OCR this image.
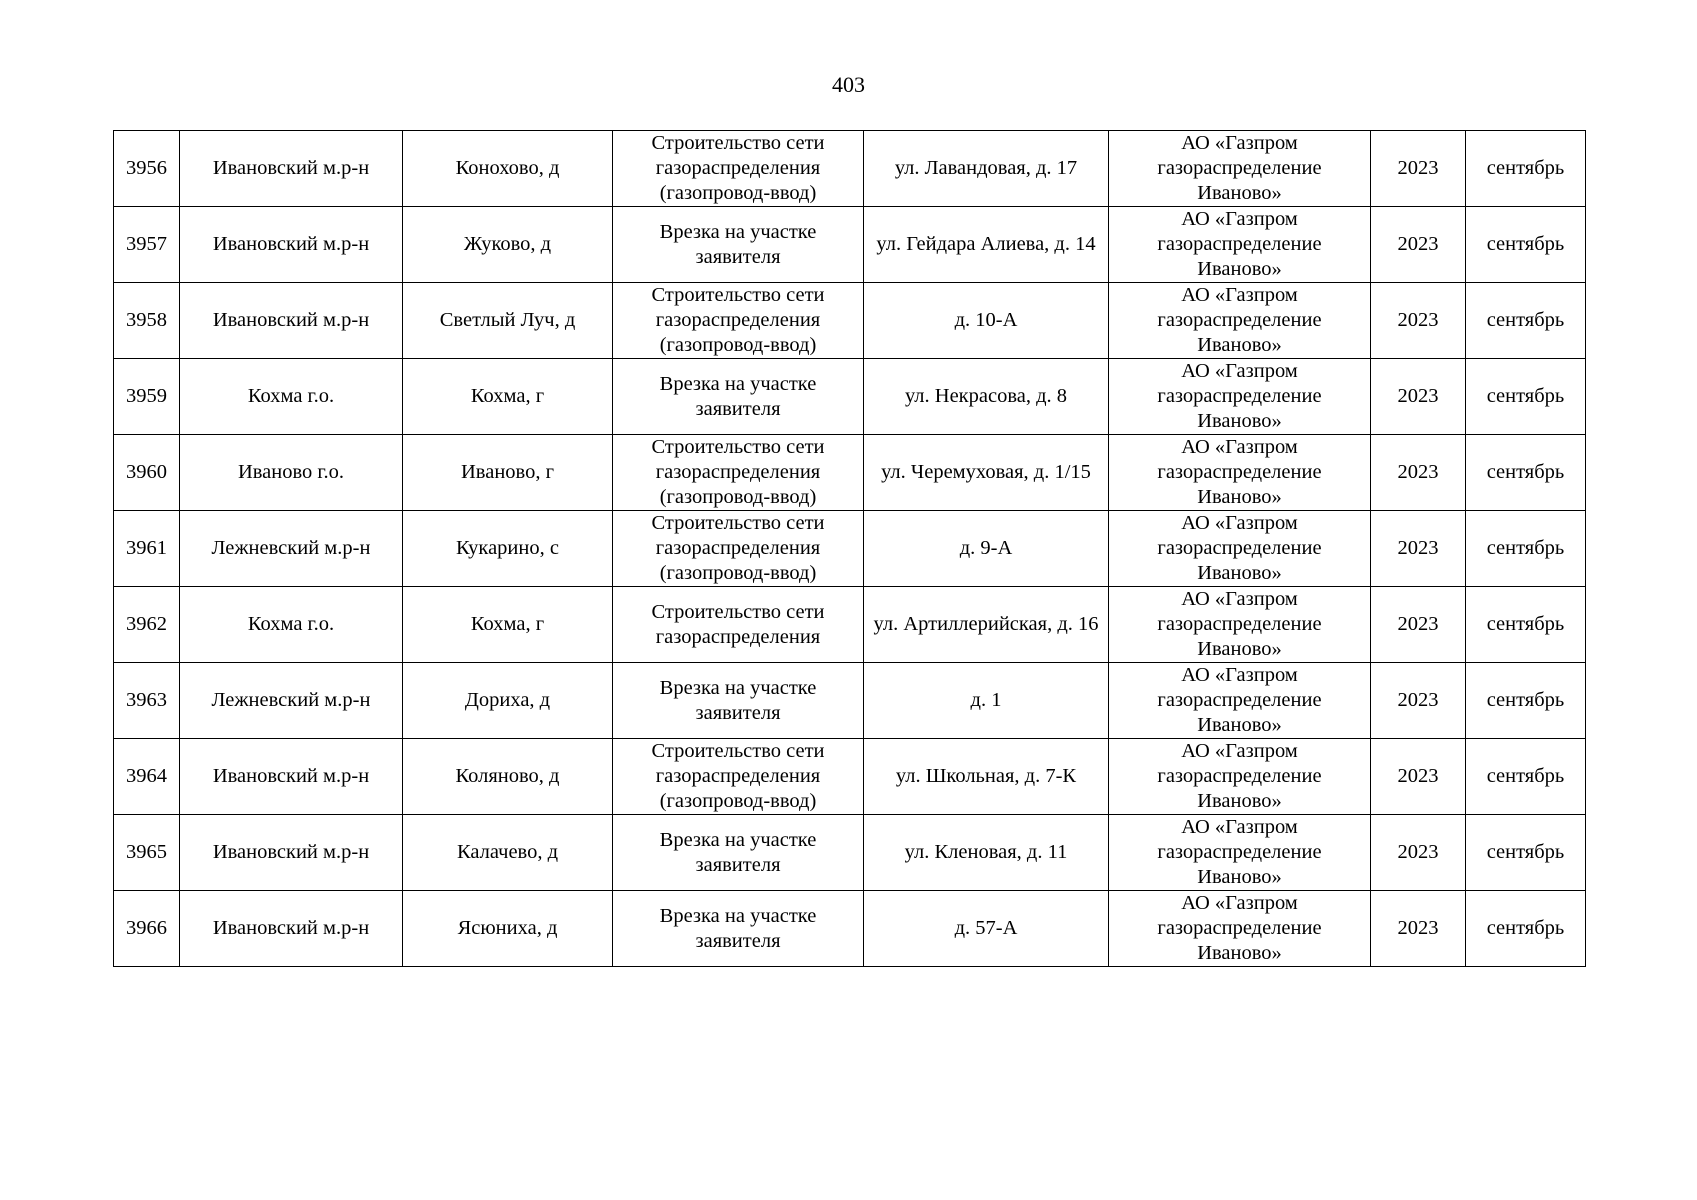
403
3956	Ивановский м.р-н	Конохово, д	Строительство сети газораспределения (газопровод-ввод)	ул. Лавандовая, д. 17	АО «Газпром газораспределение Иваново»	2023	сентябрь
3957	Ивановский м.р-н	Жуково, д	Врезка на участке заявителя	ул. Гейдара Алиева, д. 14	АО «Газпром газораспределение Иваново»	2023	сентябрь
3958	Ивановский м.р-н	Светлый Луч, д	Строительство сети газораспределения (газопровод-ввод)	д. 10-А	АО «Газпром газораспределение Иваново»	2023	сентябрь
3959	Кохма г.о.	Кохма, г	Врезка на участке заявителя	ул. Некрасова, д. 8	АО «Газпром газораспределение Иваново»	2023	сентябрь
3960	Иваново г.о.	Иваново, г	Строительство сети газораспределения (газопровод-ввод)	ул. Черемуховая, д. 1/15	АО «Газпром газораспределение Иваново»	2023	сентябрь
3961	Лежневский м.р-н	Кукарино, с	Строительство сети газораспределения (газопровод-ввод)	д. 9-А	АО «Газпром газораспределение Иваново»	2023	сентябрь
3962	Кохма г.о.	Кохма, г	Строительство сети газораспределения	ул. Артиллерийская, д. 16	АО «Газпром газораспределение Иваново»	2023	сентябрь
3963	Лежневский м.р-н	Дориха, д	Врезка на участке заявителя	д. 1	АО «Газпром газораспределение Иваново»	2023	сентябрь
3964	Ивановский м.р-н	Коляново, д	Строительство сети газораспределения (газопровод-ввод)	ул. Школьная, д. 7-К	АО «Газпром газораспределение Иваново»	2023	сентябрь
3965	Ивановский м.р-н	Калачево, д	Врезка на участке заявителя	ул. Кленовая, д. 11	АО «Газпром газораспределение Иваново»	2023	сентябрь
3966	Ивановский м.р-н	Ясюниха, д	Врезка на участке заявителя	д. 57-А	АО «Газпром газораспределение Иваново»	2023	сентябрь
